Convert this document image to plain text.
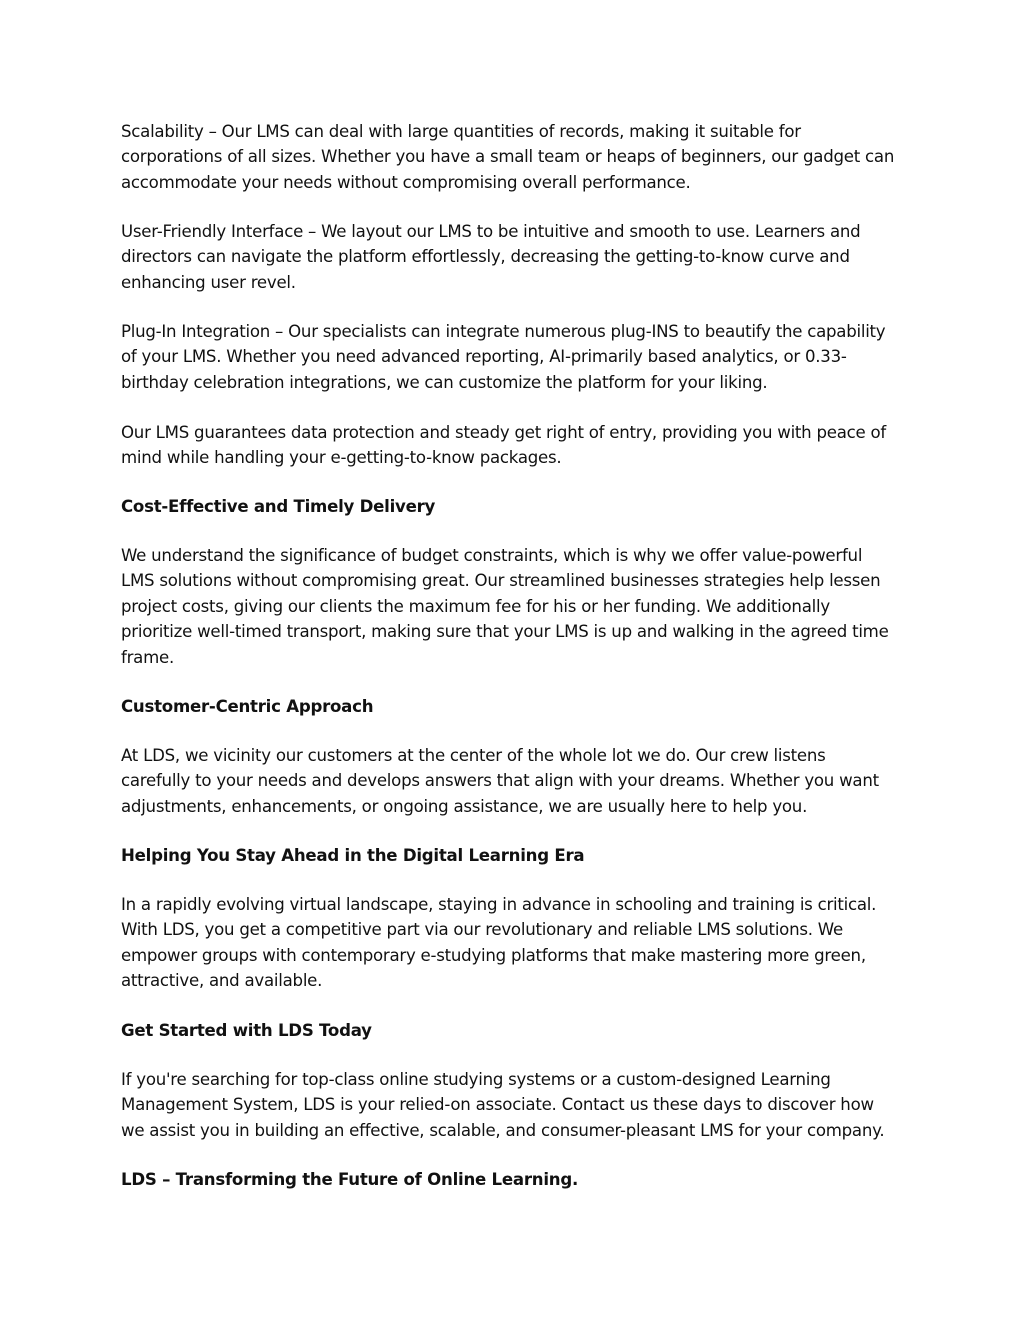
Scalability – Our LMS can deal with large quantities of records, making it suitable for
corporations of all sizes. Whether you have a small team or heaps of beginners, our gadget can
accommodate your needs without compromising overall performance.
User-Friendly Interface – We layout our LMS to be intuitive and smooth to use. Learners and
directors can navigate the platform effortlessly, decreasing the getting-to-know curve and
enhancing user revel.
Plug-In Integration – Our specialists can integrate numerous plug-INS to beautify the capability
of your LMS. Whether you need advanced reporting, AI-primarily based analytics, or 0.33-
birthday celebration integrations, we can customize the platform for your liking.
Our LMS guarantees data protection and steady get right of entry, providing you with peace of
mind while handling your e-getting-to-know packages.
Cost-Effective and Timely Delivery
We understand the significance of budget constraints, which is why we offer value-powerful
LMS solutions without compromising great. Our streamlined businesses strategies help lessen
project costs, giving our clients the maximum fee for his or her funding. We additionally
prioritize well-timed transport, making sure that your LMS is up and walking in the agreed time
frame.
Customer-Centric Approach
At LDS, we vicinity our customers at the center of the whole lot we do. Our crew listens
carefully to your needs and develops answers that align with your dreams. Whether you want
adjustments, enhancements, or ongoing assistance, we are usually here to help you.
Helping You Stay Ahead in the Digital Learning Era
In a rapidly evolving virtual landscape, staying in advance in schooling and training is critical.
With LDS, you get a competitive part via our revolutionary and reliable LMS solutions. We
empower groups with contemporary e-studying platforms that make mastering more green,
attractive, and available.
Get Started with LDS Today
If you're searching for top-class online studying systems or a custom-designed Learning
Management System, LDS is your relied-on associate. Contact us these days to discover how
we assist you in building an effective, scalable, and consumer-pleasant LMS for your company.
LDS – Transforming the Future of Online Learning.
